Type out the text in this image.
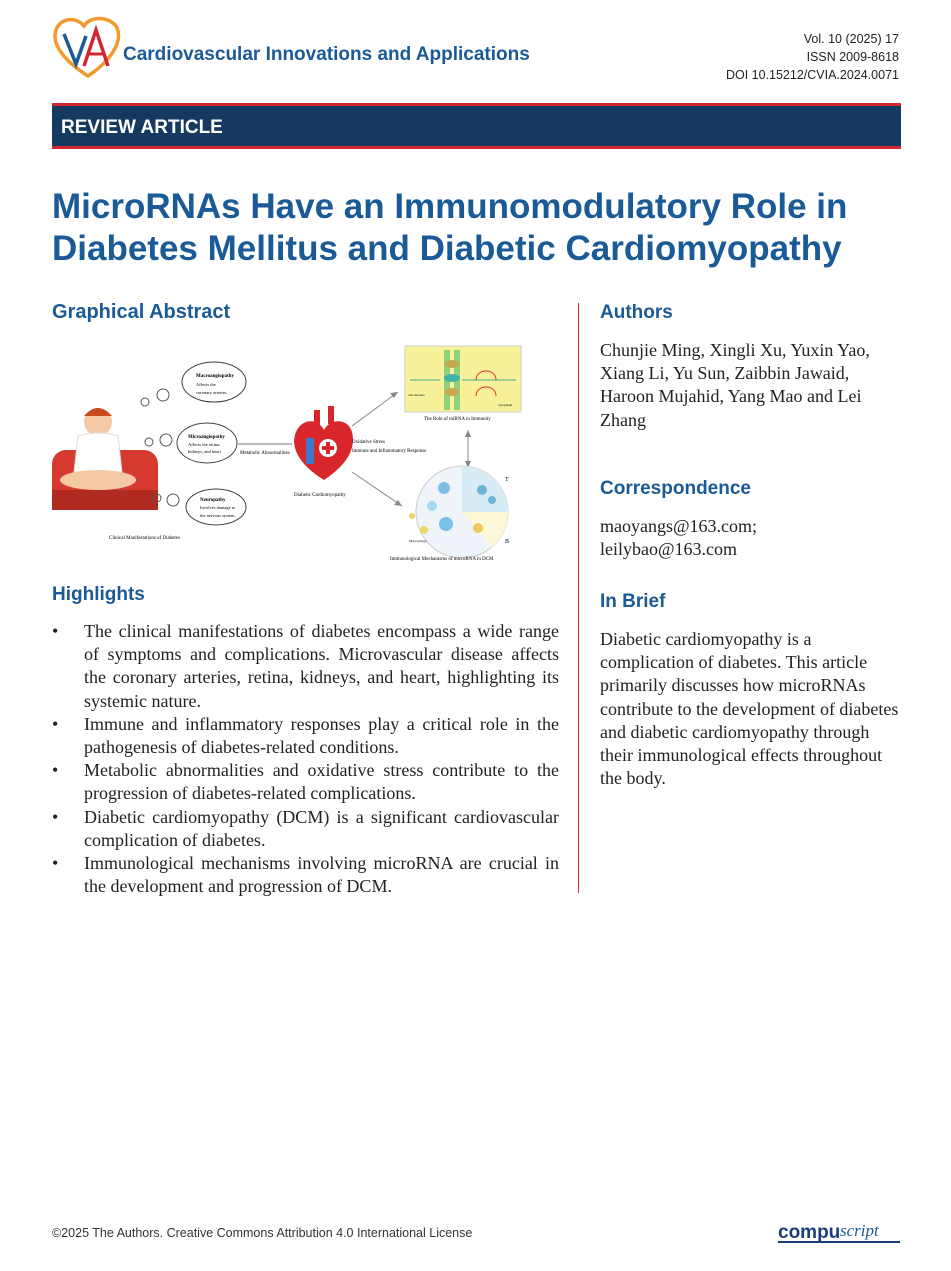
Cardiovascular Innovations and Applications
Vol. 10 (2025) 17
ISSN 2009-8618
DOI 10.15212/CVIA.2024.0071
REVIEW ARTICLE
MicroRNAs Have an Immunomodulatory Role in
Diabetes Mellitus and Diabetic Cardiomyopathy
Graphical Abstract
Macroangiopathy
Affects the
coronary arteries.
Microangiopathy
Affects the retina,
kidneys, and heart
Neuropathy
Involves damage to
the nervous system.
Clinical Manifestations of Diabetes
Metabolic Abnormalities
Diabetic Cardiomyopathy
Oxidative Stress
Immune and Inflammatory Response
cell nucleus
cytoplasm
The Role of miRNA in Immunity
Macrophage
T
B
Immunological Mechanisms of microRNA in DCM
Highlights
• The clinical manifestations of diabetes encompass a wide range of symptoms and complications. Microvascular disease affects the coronary arteries, retina, kidneys, and heart, highlighting its systemic nature.
• Immune and inflammatory responses play a critical role in the pathogenesis of diabetes-related conditions.
• Metabolic abnormalities and oxidative stress contribute to the progression of diabetes-related complications.
• Diabetic cardiomyopathy (DCM) is a significant cardiovascular complication of diabetes.
• Immunological mechanisms involving microRNA are crucial in the development and progression of DCM.
Authors
Chunjie Ming, Xingli Xu, Yuxin Yao, Xiang Li, Yu Sun, Zaibbin Jawaid, Haroon Mujahid, Yang Mao and Lei Zhang
Correspondence
maoyangs@163.com;
leilybao@163.com
In Brief
Diabetic cardiomyopathy is a complication of diabetes. This article primarily discusses how microRNAs contribute to the development of diabetes and diabetic cardiomyopathy through their immunological effects throughout the body.
©2025 The Authors. Creative Commons Attribution 4.0 International License	compu script
